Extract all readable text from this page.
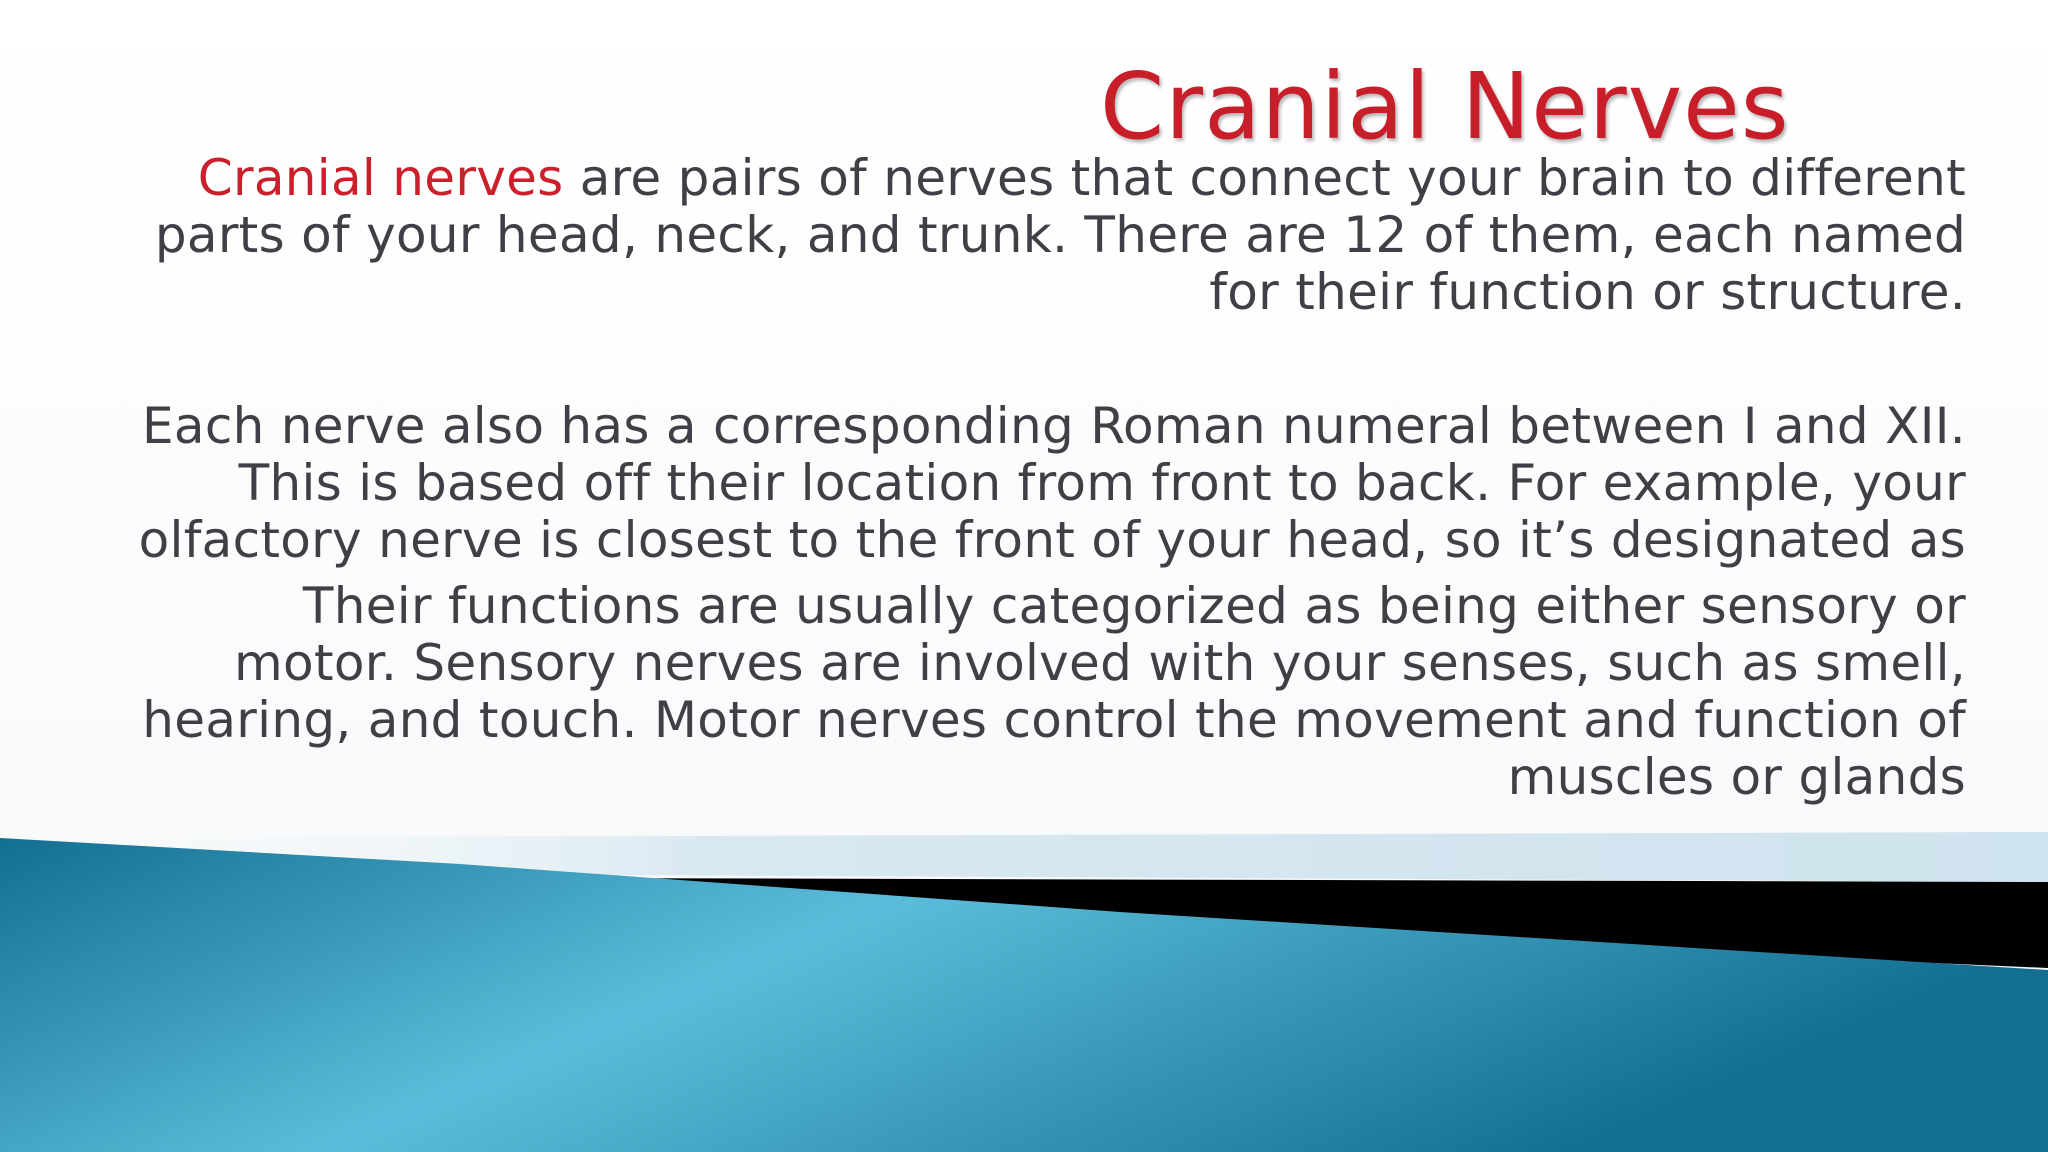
Cranial Nerves

Cranial nerves are pairs of nerves that connect your brain to different
parts of your head, neck, and trunk. There are 12 of them, each named
for their function or structure.

Each nerve also has a corresponding Roman numeral between I and XII.
This is based off their location from front to back. For example, your
olfactory nerve is closest to the front of your head, so it’s designated as

Their functions are usually categorized as being either sensory or
motor. Sensory nerves are involved with your senses, such as smell,
hearing, and touch. Motor nerves control the movement and function of
muscles or glands
